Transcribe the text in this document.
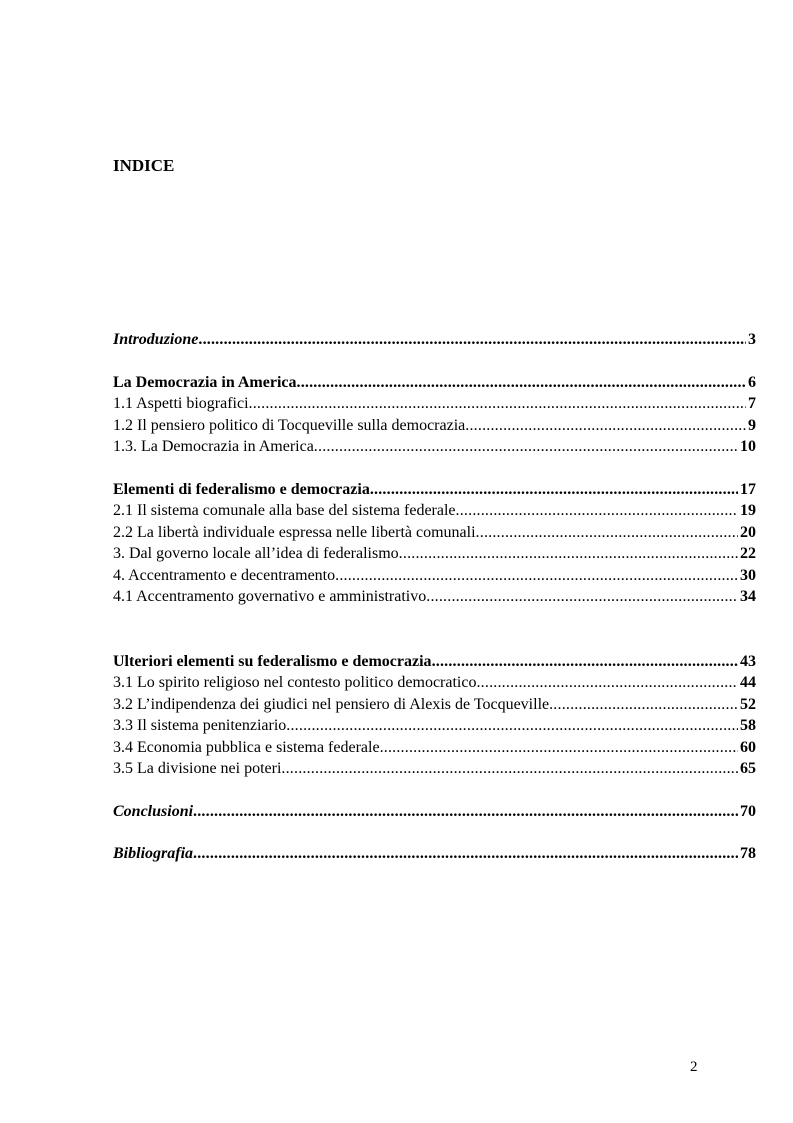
INDICE
Introduzione .....	3
La Democrazia in America .....	6
1.1 Aspetti biografici .....	7
1.2 Il pensiero politico di Tocqueville sulla democrazia .....	9
1.3. La Democrazia in America .....	10
Elementi di federalismo e democrazia .....	17
2.1 Il sistema comunale alla base del sistema federale .....	19
2.2 La libertà individuale espressa nelle libertà comunali .....	20
3. Dal governo locale all’idea di federalismo .....	22
4. Accentramento e decentramento .....	30
4.1 Accentramento governativo e amministrativo .....	34
Ulteriori elementi su federalismo e democrazia .....	43
3.1 Lo spirito religioso nel contesto politico democratico .....	44
3.2 L’indipendenza dei giudici nel pensiero di Alexis de Tocqueville .....	52
3.3 Il sistema penitenziario .....	58
3.4 Economia pubblica e sistema federale .....	60
3.5 La divisione nei poteri .....	65
Conclusioni .....	70
Bibliografia .....	78
2
